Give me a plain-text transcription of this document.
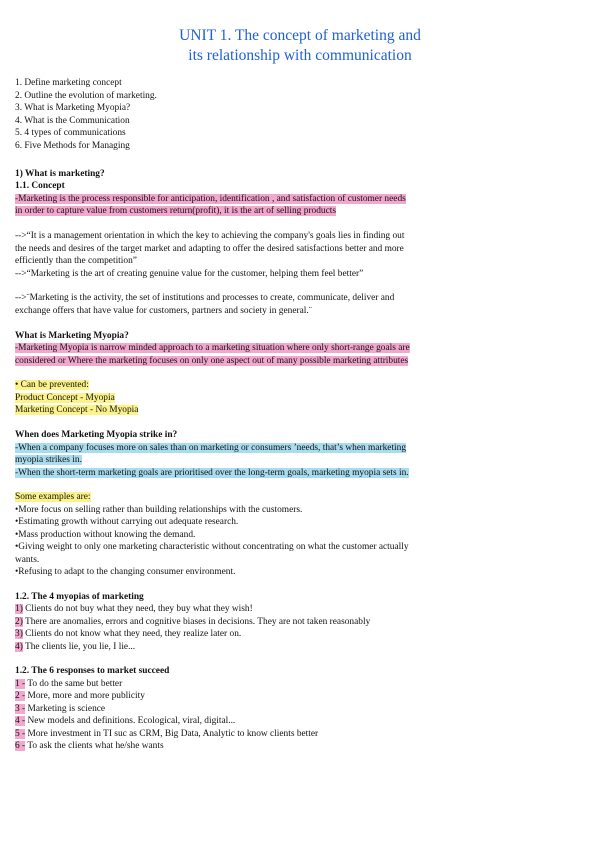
UNIT 1. The concept of marketing and
its relationship with communication
1. Define marketing concept
2. Outline the evolution of marketing.
3. What is Marketing Myopia?
4. What is the Communication
5. 4 types of communications
6. Five Methods for Managing
1) What is marketing?
1.1. Concept
-Marketing is the process responsible for anticipation, identification , and satisfaction of customer needs
in order to capture value from customers return(profit), it is the art of selling products
-->“It is a management orientation in which the key to achieving the company's goals lies in finding out
the needs and desires of the target market and adapting to offer the desired satisfactions better and more
efficiently than the competition”
-->“Marketing is the art of creating genuine value for the customer, helping them feel better”
-->¨Marketing is the activity, the set of institutions and processes to create, communicate, deliver and
exchange offers that have value for customers, partners and society in general.¨
What is Marketing Myopia?
-Marketing Myopia is narrow minded approach to a marketing situation where only short-range goals are
considered or Where the marketing focuses on only one aspect out of many possible marketing attributes
• Can be prevented:
Product Concept - Myopia
Marketing Concept - No Myopia
When does Marketing Myopia strike in?
-When a company focuses more on sales than on marketing or consumers ’needs, that’s when marketing
myopia strikes in.
-When the short-term marketing goals are prioritised over the long-term goals, marketing myopia sets in.
Some examples are:
•More focus on selling rather than building relationships with the customers.
•Estimating growth without carrying out adequate research.
•Mass production without knowing the demand.
•Giving weight to only one marketing characteristic without concentrating on what the customer actually
wants.
•Refusing to adapt to the changing consumer environment.
1.2. The 4 myopias of marketing
1) Clients do not buy what they need, they buy what they wish!
2) There are anomalies, errors and cognitive biases in decisions. They are not taken reasonably
3) Clients do not know what they need, they realize later on.
4) The clients lie, you lie, I lie...
1.2. The 6 responses to market succeed
1 - To do the same but better
2 - More, more and more publicity
3 - Marketing is science
4 - New models and definitions. Ecological, viral, digital...
5 - More investment in TI suc as CRM, Big Data, Analytic to know clients better
6 - To ask the clients what he/she wants
